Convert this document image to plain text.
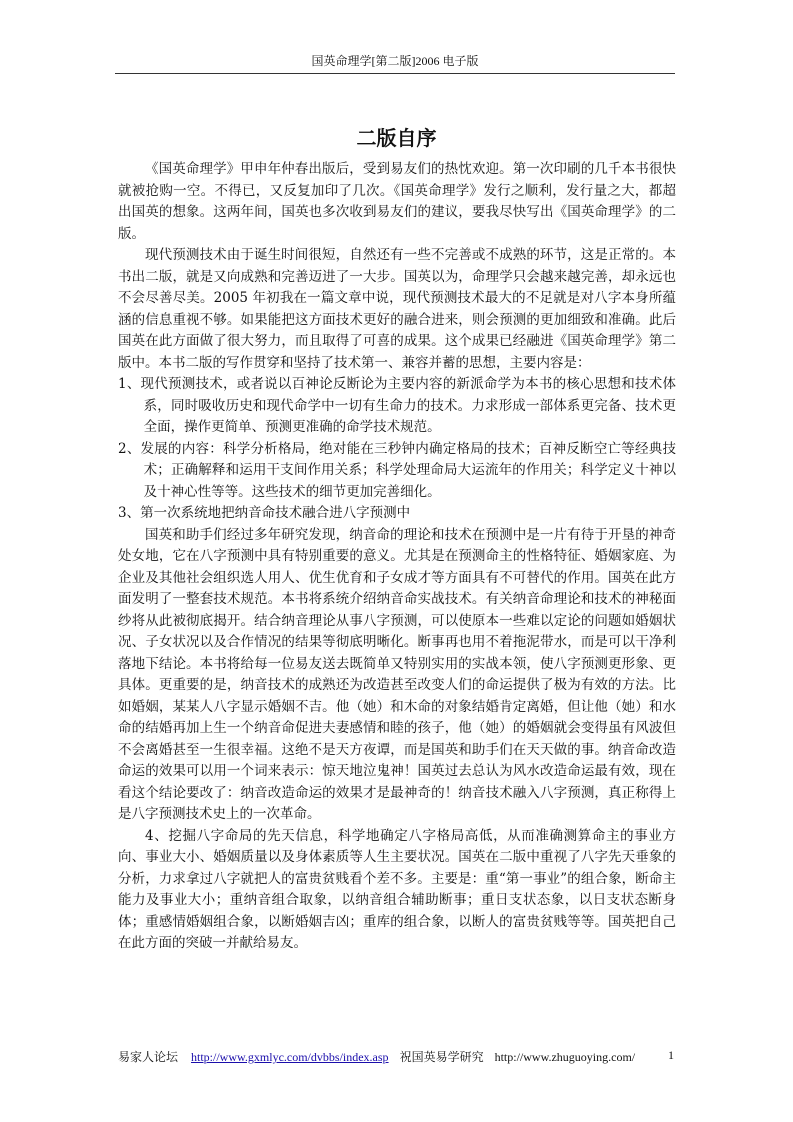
国英命理学[第二版]2006 电子版
二版自序

《国英命理学》甲申年仲春出版后，受到易友们的热忱欢迎。第一次印刷的几千本书很快就被抢购一空。不得已，又反复加印了几次。《国英命理学》发行之顺利，发行量之大，都超出国英的想象。这两年间，国英也多次收到易友们的建议，要我尽快写出《国英命理学》的二版。

现代预测技术由于诞生时间很短，自然还有一些不完善或不成熟的环节，这是正常的。本书出二版，就是又向成熟和完善迈进了一大步。国英以为，命理学只会越来越完善，却永远也不会尽善尽美。2005 年初我在一篇文章中说，现代预测技术最大的不足就是对八字本身所蕴涵的信息重视不够。如果能把这方面技术更好的融合进来，则会预测的更加细致和准确。此后国英在此方面做了很大努力，而且取得了可喜的成果。这个成果已经融进《国英命理学》第二版中。本书二版的写作贯穿和坚持了技术第一、兼容并蓄的思想，主要内容是：

1、现代预测技术，或者说以百神论反断论为主要内容的新派命学为本书的核心思想和技术体系，同时吸收历史和现代命学中一切有生命力的技术。力求形成一部体系更完备、技术更全面，操作更简单、预测更准确的命学技术规范。

2、发展的内容：科学分析格局，绝对能在三秒钟内确定格局的技术；百神反断空亡等经典技术；正确解释和运用干支间作用关系；科学处理命局大运流年的作用关；科学定义十神以及十神心性等等。这些技术的细节更加完善细化。

3、第一次系统地把纳音命技术融合进八字预测中

国英和助手们经过多年研究发现，纳音命的理论和技术在预测中是一片有待于开垦的神奇处女地，它在八字预测中具有特别重要的意义。尤其是在预测命主的性格特征、婚姻家庭、为企业及其他社会组织选人用人、优生优育和子女成才等方面具有不可替代的作用。国英在此方面发明了一整套技术规范。本书将系统介绍纳音命实战技术。有关纳音命理论和技术的神秘面纱将从此被彻底揭开。结合纳音理论从事八字预测，可以使原本一些难以定论的问题如婚姻状况、子女状况以及合作情况的结果等彻底明晰化。断事再也用不着拖泥带水，而是可以干净利落地下结论。本书将给每一位易友送去既简单又特别实用的实战本领，使八字预测更形象、更具体。更重要的是，纳音技术的成熟还为改造甚至改变人们的命运提供了极为有效的方法。比如婚姻，某某人八字显示婚姻不吉。他（她）和木命的对象结婚肯定离婚，但让他（她）和水命的结婚再加上生一个纳音命促进夫妻感情和睦的孩子，他（她）的婚姻就会变得虽有风波但不会离婚甚至一生很幸福。这绝不是天方夜谭，而是国英和助手们在天天做的事。纳音命改造命运的效果可以用一个词来表示：惊天地泣鬼神！国英过去总认为风水改造命运最有效，现在看这个结论要改了：纳音改造命运的效果才是最神奇的！纳音技术融入八字预测，真正称得上是八字预测技术史上的一次革命。

4、挖掘八字命局的先天信息，科学地确定八字格局高低，从而准确测算命主的事业方向、事业大小、婚姻质量以及身体素质等人生主要状况。国英在二版中重视了八字先天垂象的分析，力求拿过八字就把人的富贵贫贱看个差不多。主要是：重“第一事业”的组合象，断命主能力及事业大小；重纳音组合取象，以纳音组合辅助断事；重日支状态象，以日支状态断身体；重感情婚姻组合象，以断婚姻吉凶；重库的组合象，以断人的富贵贫贱等等。国英把自己在此方面的突破一并献给易友。

易家人论坛 http://www.gxmlyc.com/dvbbs/index.asp 祝国英易学研究 http://www.zhuguoying.com/	1
